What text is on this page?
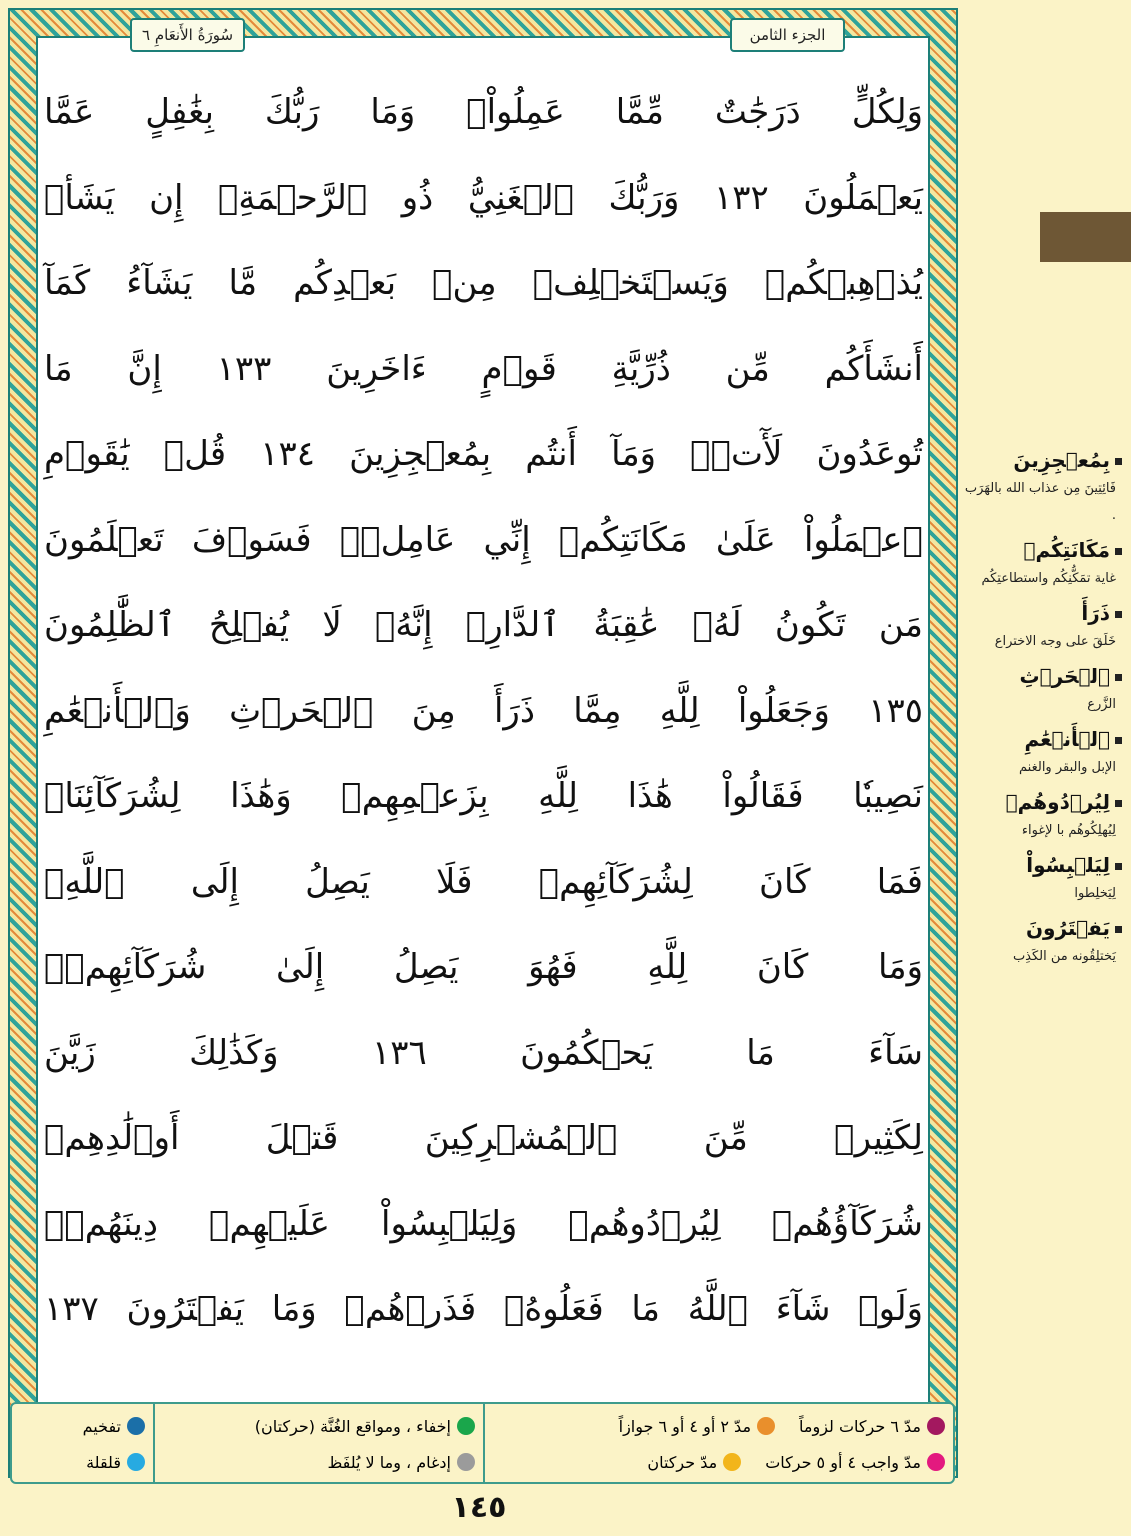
سُورَةُ الأَنعَامِ ٦	الجزء الثامن
وَلِكُلٍّ دَرَجَٰتٌ مِّمَّا عَمِلُواْۚ وَمَا رَبُّكَ بِغَٰفِلٍ عَمَّا
يَعۡمَلُونَ ١٣٢ وَرَبُّكَ ٱلۡغَنِيُّ ذُو ٱلرَّحۡمَةِۚ إِن يَشَأۡ
يُذۡهِبۡكُمۡ وَيَسۡتَخۡلِفۡ مِنۢ بَعۡدِكُم مَّا يَشَآءُ كَمَآ
أَنشَأَكُم مِّن ذُرِّيَّةِ قَوۡمٍ ءَاخَرِينَ ١٣٣ إِنَّ مَا
تُوعَدُونَ لَأٓتٖۖ وَمَآ أَنتُم بِمُعۡجِزِينَ ١٣٤ قُلۡ يَٰقَوۡمِ
ٱعۡمَلُواْ عَلَىٰ مَكَانَتِكُمۡ إِنِّي عَامِلٞۖ فَسَوۡفَ تَعۡلَمُونَ
مَن تَكُونُ لَهُۥ عَٰقِبَةُ ٱلدَّارِۚ إِنَّهُۥ لَا يُفۡلِحُ ٱلظَّٰلِمُونَ
١٣٥ وَجَعَلُواْ لِلَّهِ مِمَّا ذَرَأَ مِنَ ٱلۡحَرۡثِ وَٱلۡأَنۡعَٰمِ
نَصِيبٗا فَقَالُواْ هَٰذَا لِلَّهِ بِزَعۡمِهِمۡ وَهَٰذَا لِشُرَكَآئِنَاۖ
فَمَا كَانَ لِشُرَكَآئِهِمۡ فَلَا يَصِلُ إِلَى ٱللَّهِۖ
وَمَا كَانَ لِلَّهِ فَهُوَ يَصِلُ إِلَىٰ شُرَكَآئِهِمۡۗ
سَآءَ مَا يَحۡكُمُونَ ١٣٦ وَكَذَٰلِكَ زَيَّنَ
لِكَثِيرٖ مِّنَ ٱلۡمُشۡرِكِينَ قَتۡلَ أَوۡلَٰدِهِمۡ
شُرَكَآؤُهُمۡ لِيُرۡدُوهُمۡ وَلِيَلۡبِسُواْ عَلَيۡهِمۡ دِينَهُمۡۖ
وَلَوۡ شَآءَ ٱللَّهُ مَا فَعَلُوهُۖ فَذَرۡهُمۡ وَمَا يَفۡتَرُونَ ١٣٧
بِمُعۡجِزِينَ
فَائِتِينَ مِن عذاب الله بالهَرَب .
مَكَانَتِكُمۡ
غاية تمَكُّنِكُم واستطاعتِكُم
ذَرَأَ
خَلَقَ على وجه الاختراع
ٱلۡحَرۡثِ
الزَّرع
ٱلۡأَنۡعَٰمِ
الإبل والبقر والغنم
لِيُرۡدُوهُمۡ
لِيُهلِكُوهُم با لإغواء
لِيَلۡبِسُواْ
لِيَخلِطوا
يَفۡتَرُونَ
يَختلِقُونه من الكَذِب
مدّ ٦ حركات لزوماً
مدّ ٢ أو ٤ أو ٦ جوازاً
مدّ واجب ٤ أو ٥ حركات
مدّ حركتان
إخفاء ، ومواقع الغُنَّة (حركتان)
إدغام ، وما لا يُلفَظ
تفخيم
قلقلة
١٤٥
